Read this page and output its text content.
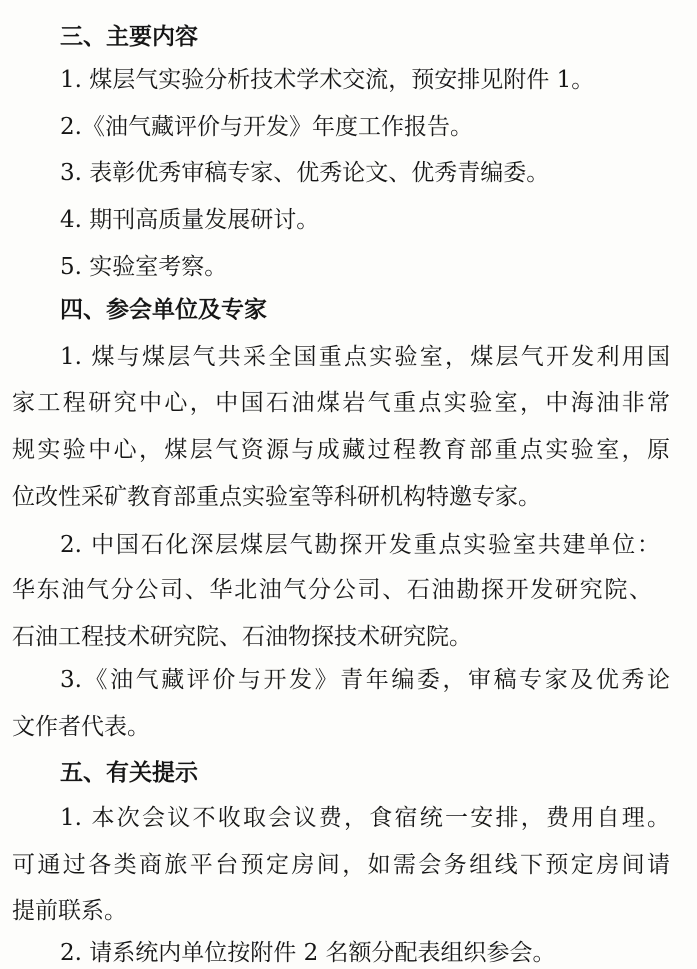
三、主要内容
1. 煤层气实验分析技术学术交流，预安排见附件 1。
2.《油气藏评价与开发》年度工作报告。
3. 表彰优秀审稿专家、优秀论文、优秀青编委。
4. 期刊高质量发展研讨。
5. 实验室考察。
四、参会单位及专家
1. 煤与煤层气共采全国重点实验室，煤层气开发利用国
家工程研究中心，中国石油煤岩气重点实验室，中海油非常
规实验中心，煤层气资源与成藏过程教育部重点实验室，原
位改性采矿教育部重点实验室等科研机构特邀专家。
2. 中国石化深层煤层气勘探开发重点实验室共建单位：
华东油气分公司、华北油气分公司、石油勘探开发研究院、
石油工程技术研究院、石油物探技术研究院。
3.《油气藏评价与开发》青年编委，审稿专家及优秀论
文作者代表。
五、有关提示
1. 本次会议不收取会议费，食宿统一安排，费用自理。
可通过各类商旅平台预定房间，如需会务组线下预定房间请
提前联系。
2. 请系统内单位按附件 2 名额分配表组织参会。
